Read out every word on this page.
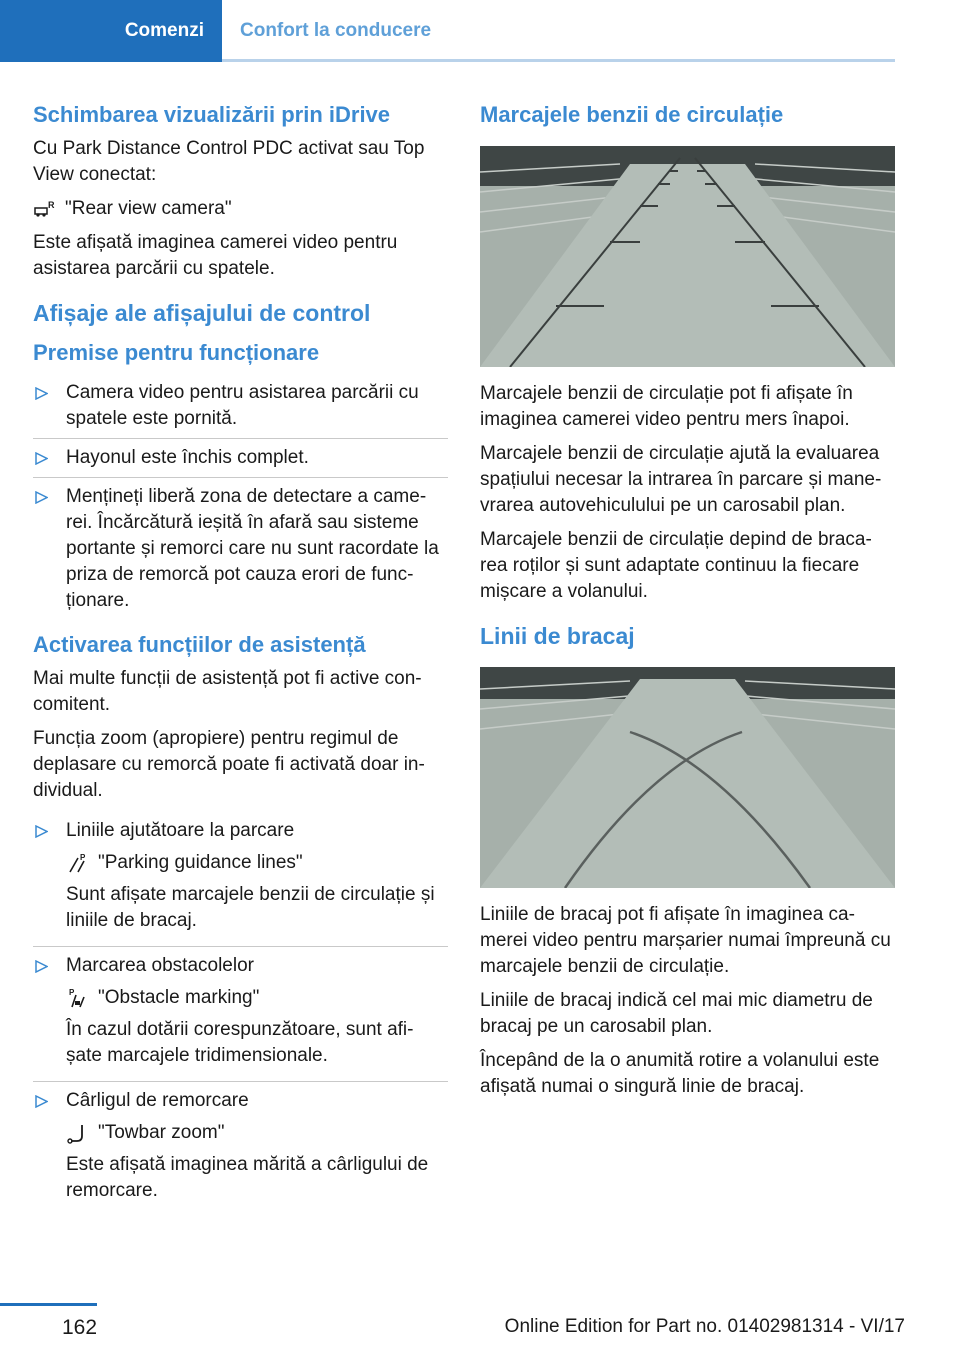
Comenzi	Confort la conducere
Schimbarea vizualizării prin iDrive

Cu Park Distance Control PDC activat sau Top View conectat:

R "Rear view camera"

Este afișată imaginea camerei video pentru asistarea parcării cu spatele.

Afișaje ale afișajului de control
Premise pentru funcționare
Camera video pentru asistarea parcării cu spatele este pornită.
Hayonul este închis complet.
Mențineți liberă zona de detectare a came- rei. Încărcătură ieșită în afară sau sisteme portante și remorci care nu sunt racordate la priza de remorcă pot cauza erori de func- ționare.
Activarea funcțiilor de asistență

Mai multe funcții de asistență pot fi active con- comitent.

Funcția zoom (apropiere) pentru regimul de deplasare cu remorcă poate fi activată doar in- dividual.

Liniile ajutătoare la parcare

P "Parking guidance lines"

Sunt afișate marcajele benzii de circulație și liniile de bracaj.

Marcarea obstacolelor

P "Obstacle marking"

În cazul dotării corespunzătoare, sunt afi- șate marcajele tridimensionale.

Cârligul de remorcare

"Towbar zoom"

Este afișată imaginea mărită a cârligului de remorcare.

Marcajele benzii de circulație

Marcajele benzii de circulație pot fi afișate în imaginea camerei video pentru mers înapoi.

Marcajele benzii de circulație ajută la evaluarea spațiului necesar la intrarea în parcare și mane- vrarea autovehiculului pe un carosabil plan.

Marcajele benzii de circulație depind de braca- rea roților și sunt adaptate continuu la fiecare mișcare a volanului.

Linii de bracaj

Liniile de bracaj pot fi afișate în imaginea ca- merei video pentru marșarier numai împreună cu marcajele benzii de circulație.

Liniile de bracaj indică cel mai mic diametru de bracaj pe un carosabil plan.

Începând de la o anumită rotire a volanului este afișată numai o singură linie de bracaj.

162	Online Edition for Part no. 01402981314 - VI/17
